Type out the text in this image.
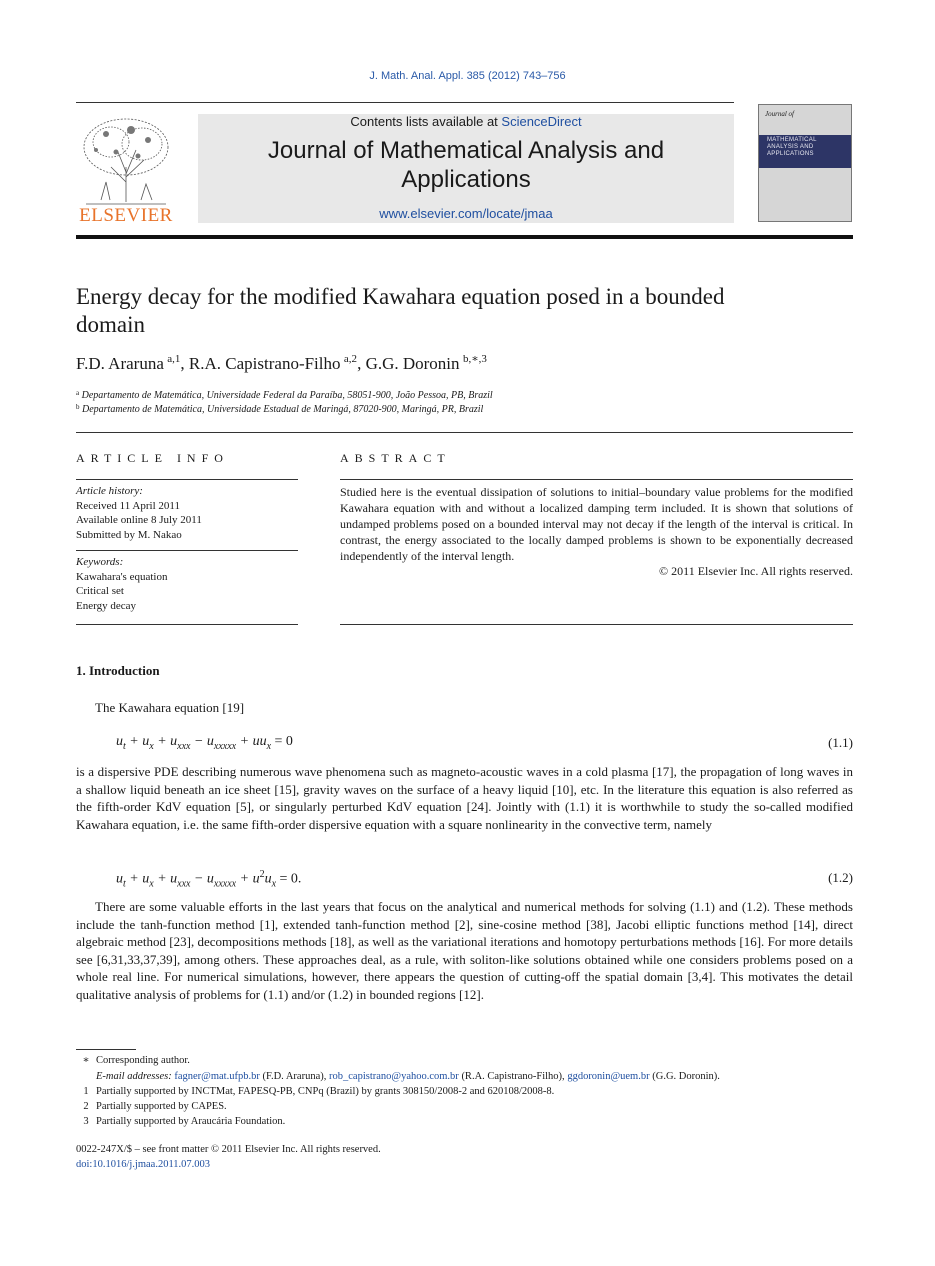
J. Math. Anal. Appl. 385 (2012) 743–756
ELSEVIER
Contents lists available at ScienceDirect
Journal of Mathematical Analysis and
Applications
www.elsevier.com/locate/jmaa
Journal of
MATHEMATICAL
ANALYSIS AND
APPLICATIONS
Energy decay for the modified Kawahara equation posed in a bounded
domain
F.D. Araruna  $^{a,1}$, R.A. Capistrano-Filho  $^{a,2}$, G.G. Doronin  $^{b,∗,3}$
$^a$ Departamento de Matemática, Universidade Federal da Paraíba, 58051-900, João Pessoa, PB, Brazil
$^b$ Departamento de Matemática, Universidade Estadual de Maringá, 87020-900, Maringá, PR, Brazil
ARTICLE INFO
Article history:
Received 11 April 2011
Available online 8 July 2011
Submitted by M. Nakao
Keywords:
Kawahara's equation
Critical set
Energy decay
ABSTRACT
Studied here is the eventual dissipation of solutions to initial–boundary value problems for the modified Kawahara equation with and without a localized damping term included. It is shown that solutions of undamped problems posed on a bounded interval may not decay if the length of the interval is critical. In contrast, the energy associated to the locally damped problems is shown to be exponentially decreased independently of the interval length.
© 2011 Elsevier Inc. All rights reserved.
1. Introduction
The Kawahara equation [19]
$u_t + u_x + u_{xxx} - u_{xxxxx} + uu_x = 0$	(1.1)
is a dispersive PDE describing numerous wave phenomena such as magneto-acoustic waves in a cold plasma [17], the propagation of long waves in a shallow liquid beneath an ice sheet [15], gravity waves on the surface of a heavy liquid [10], etc. In the literature this equation is also referred as the fifth-order KdV equation [5], or singularly perturbed KdV equation [24]. Jointly with (1.1) it is worthwhile to study the so-called modified Kawahara equation, i.e. the same fifth-order dispersive equation with a square nonlinearity in the convective term, namely
$u_t + u_x + u_{xxx} - u_{xxxxx} + u^2u_x = 0$.	(1.2)
There are some valuable efforts in the last years that focus on the analytical and numerical methods for solving (1.1) and (1.2). These methods include the tanh-function method [1], extended tanh-function method [2], sine-cosine method [38], Jacobi elliptic functions method [14], direct algebraic method [23], decompositions methods [18], as well as the variational iterations and homotopy perturbations methods [16]. For more details see [6,31,33,37,39], among others. These approaches deal, as a rule, with soliton-like solutions obtained while one considers problems posed on a whole real line. For numerical simulations, however, there appears the question of cutting-off the spatial domain [3,4]. This motivates the detail qualitative analysis of problems for (1.1) and/or (1.2) in bounded regions [12].
∗ Corresponding author.
E-mail addresses: fagner@mat.ufpb.br (F.D. Araruna), rob_capistrano@yahoo.com.br (R.A. Capistrano-Filho), ggdoronin@uem.br (G.G. Doronin).
1 Partially supported by INCTMat, FAPESQ-PB, CNPq (Brazil) by grants 308150/2008-2 and 620108/2008-8.
2 Partially supported by CAPES.
3 Partially supported by Araucária Foundation.
0022-247X/$ – see front matter © 2011 Elsevier Inc. All rights reserved.
doi:10.1016/j.jmaa.2011.07.003
